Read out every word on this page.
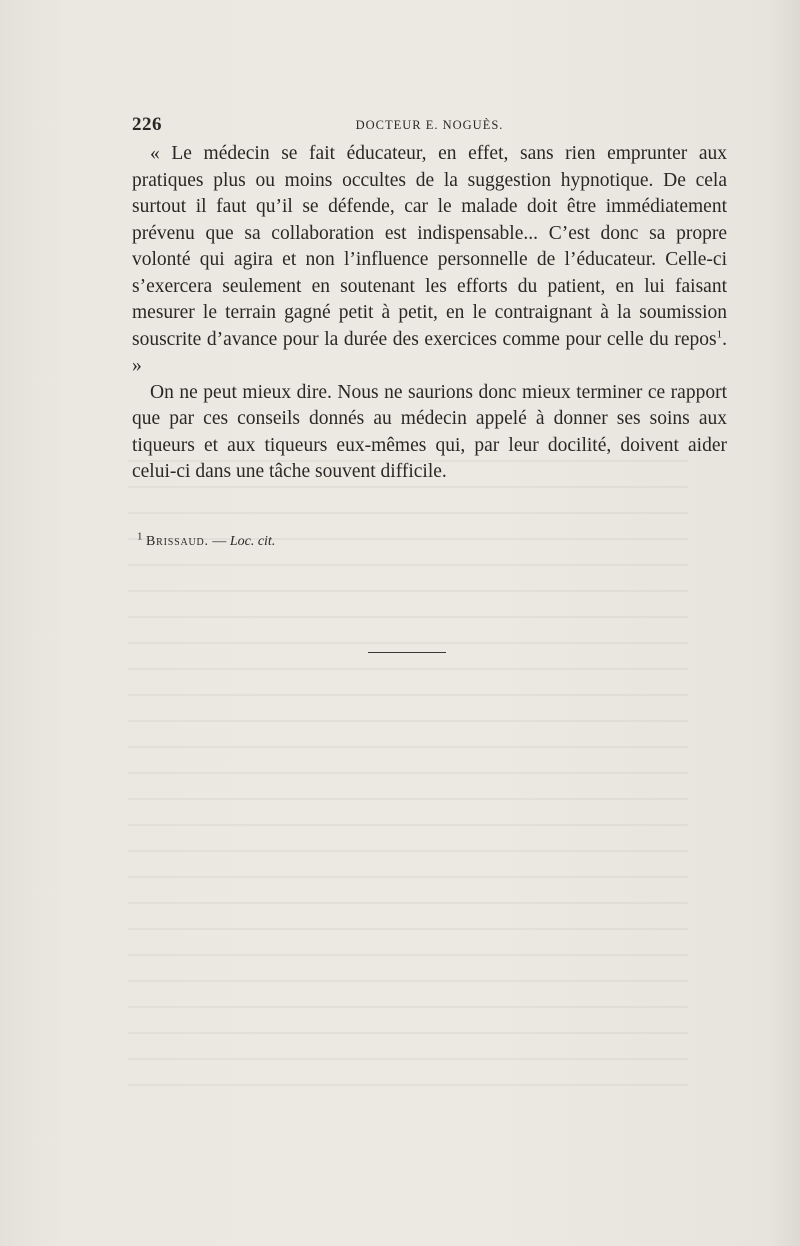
226	DOCTEUR E. NOGUÈS.

« Le médecin se fait éducateur, en effet, sans rien emprunter aux pratiques plus ou moins occultes de la suggestion hypnotique. De cela surtout il faut qu’il se défende, car le malade doit être immédiatement prévenu que sa collaboration est indispensable... C’est donc sa propre volonté qui agira et non l’influence personnelle de l’éducateur. Celle-ci s’exercera seulement en soutenant les efforts du patient, en lui faisant mesurer le terrain gagné petit à petit, en le contraignant à la soumission souscrite d’avance pour la durée des exercices comme pour celle du repos$^1$. »

On ne peut mieux dire. Nous ne saurions donc mieux terminer ce rapport que par ces conseils donnés au médecin appelé à donner ses soins aux tiqueurs et aux tiqueurs eux-mêmes qui, par leur docilité, doivent aider celui-ci dans une tâche souvent difficile.

$^1$ Brissaud. — Loc. cit.
